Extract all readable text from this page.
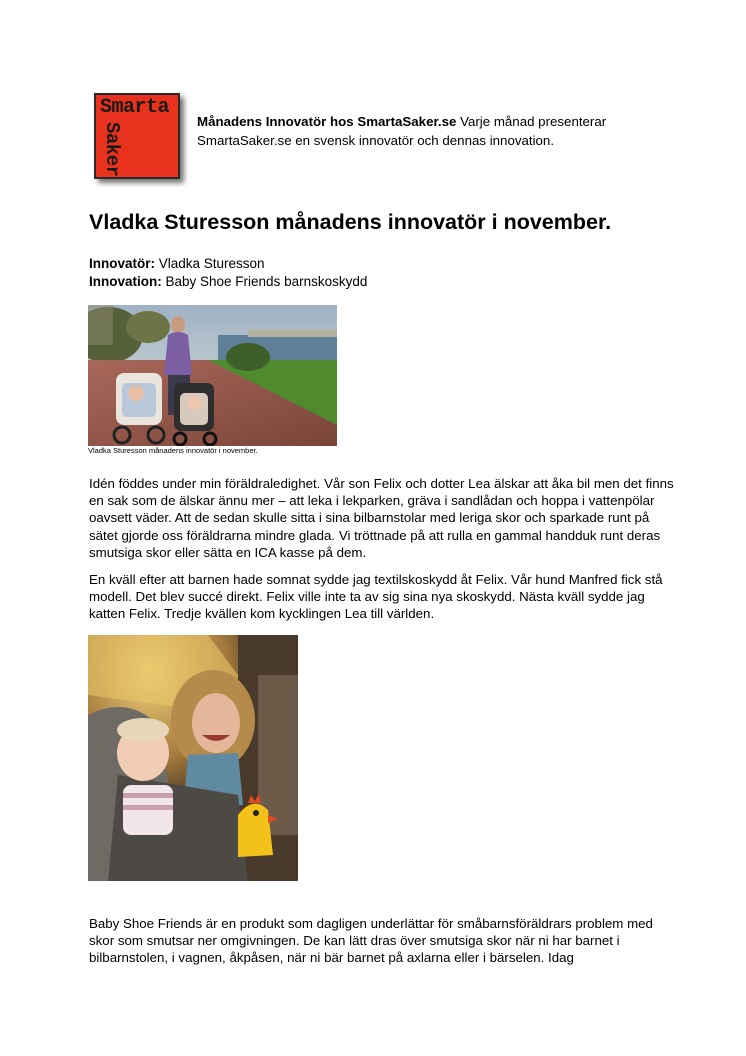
Smarta
Saker
Månadens Innovatör hos SmartaSaker.se Varje månad presenterar SmartaSaker.se en svensk innovatör och dennas innovation.
Vladka Sturesson månadens innovatör i november.
Innovatör: Vladka Sturesson
Innovation: Baby Shoe Friends barnskoskydd
Vladka Sturesson månadens innovatör i november.

Idén föddes under min föräldraledighet. Vår son Felix och dotter Lea älskar att åka bil men det finns en sak som de älskar ännu mer – att leka i lekparken, gräva i sandlådan och hoppa i vattenpölar oavsett väder. Att de sedan skulle sitta i sina bilbarnstolar med leriga skor och sparkade runt på sätet gjorde oss föräldrarna mindre glada. Vi tröttnade på att rulla en gammal handduk runt deras smutsiga skor eller sätta en ICA kasse på dem.

En kväll efter att barnen hade somnat sydde jag textilskoskydd åt Felix. Vår hund Manfred fick stå modell. Det blev succé direkt. Felix ville inte ta av sig sina nya skoskydd. Nästa kväll sydde jag katten Felix. Tredje kvällen kom kycklingen Lea till världen.

Baby Shoe Friends är en produkt som dagligen underlättar för småbarnsföräldrars problem med skor som smutsar ner omgivningen. De kan lätt dras över smutsiga skor när ni har barnet i bilbarnstolen, i vagnen, åkpåsen, när ni bär barnet på axlarna eller i bärselen. Idag
